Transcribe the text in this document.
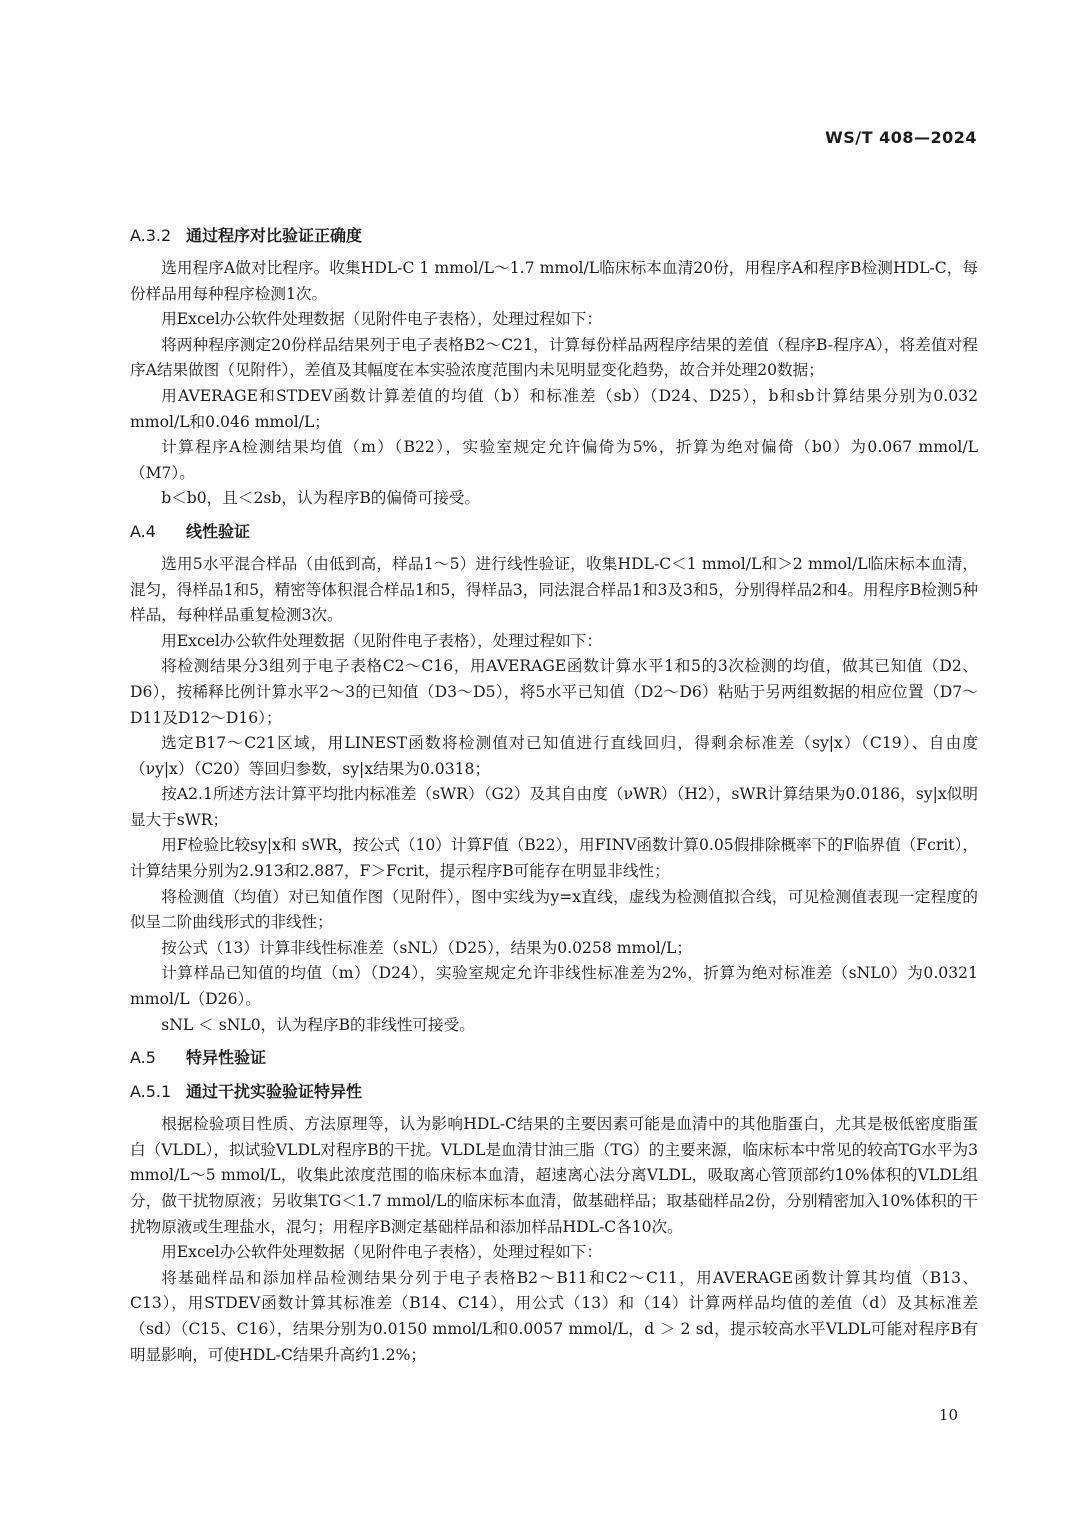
WS/T 408—2024
A.3.2 通过程序对比验证正确度

选用程序A做对比程序。收集HDL-C 1 mmol/L～1.7 mmol/L临床标本血清20份，用程序A和程序B检测HDL-C，每份样品用每种程序检测1次。

用Excel办公软件处理数据（见附件电子表格），处理过程如下：

将两种程序测定20份样品结果列于电子表格B2～C21，计算每份样品两程序结果的差值（程序B-程序A），将差值对程序A结果做图（见附件），差值及其幅度在本实验浓度范围内未见明显变化趋势，故合并处理20数据；

用AVERAGE和STDEV函数计算差值的均值（b）和标准差（sb）（D24、D25），b和sb计算结果分别为0.032 mmol/L和0.046 mmol/L；

计算程序A检测结果均值（m）（B22），实验室规定允许偏倚为5%，折算为绝对偏倚（b0）为0.067 mmol/L（M7）。

b＜b0，且＜2sb，认为程序B的偏倚可接受。

A.4 线性验证

选用5水平混合样品（由低到高，样品1～5）进行线性验证，收集HDL-C＜1 mmol/L和＞2 mmol/L临床标本血清，混匀，得样品1和5，精密等体积混合样品1和5，得样品3，同法混合样品1和3及3和5，分别得样品2和4。用程序B检测5种样品，每种样品重复检测3次。

用Excel办公软件处理数据（见附件电子表格），处理过程如下：

将检测结果分3组列于电子表格C2～C16，用AVERAGE函数计算水平1和5的3次检测的均值，做其已知值（D2、D6），按稀释比例计算水平2～3的已知值（D3～D5），将5水平已知值（D2～D6）粘贴于另两组数据的相应位置（D7～D11及D12～D16）；

选定B17～C21区域，用LINEST函数将检测值对已知值进行直线回归，得剩余标准差（sy|x）（C19）、自由度（νy|x）（C20）等回归参数，sy|x结果为0.0318；

按A2.1所述方法计算平均批内标准差（sWR）（G2）及其自由度（νWR）（H2），sWR计算结果为0.0186，sy|x似明显大于sWR；

用F检验比较sy|x和 sWR，按公式（10）计算F值（B22），用FINV函数计算0.05假排除概率下的F临界值（Fcrit），计算结果分别为2.913和2.887，F＞Fcrit，提示程序B可能存在明显非线性；

将检测值（均值）对已知值作图（见附件），图中实线为y=x直线，虚线为检测值拟合线，可见检测值表现一定程度的似呈二阶曲线形式的非线性；

按公式（13）计算非线性标准差（sNL）（D25），结果为0.0258 mmol/L；

计算样品已知值的均值（m）（D24），实验室规定允许非线性标准差为2%，折算为绝对标准差（sNL0）为0.0321 mmol/L（D26）。

sNL ＜ sNL0，认为程序B的非线性可接受。

A.5 特异性验证
A.5.1 通过干扰实验验证特异性

根据检验项目性质、方法原理等，认为影响HDL-C结果的主要因素可能是血清中的其他脂蛋白，尤其是极低密度脂蛋白（VLDL），拟试验VLDL对程序B的干扰。VLDL是血清甘油三脂（TG）的主要来源，临床标本中常见的较高TG水平为3 mmol/L～5 mmol/L，收集此浓度范围的临床标本血清，超速离心法分离VLDL，吸取离心管顶部约10%体积的VLDL组分，做干扰物原液；另收集TG＜1.7 mmol/L的临床标本血清，做基础样品；取基础样品2份，分别精密加入10%体积的干扰物原液或生理盐水，混匀；用程序B测定基础样品和添加样品HDL-C各10次。

用Excel办公软件处理数据（见附件电子表格），处理过程如下：

将基础样品和添加样品检测结果分列于电子表格B2～B11和C2～C11，用AVERAGE函数计算其均值（B13、C13），用STDEV函数计算其标准差（B14、C14），用公式（13）和（14）计算两样品均值的差值（d）及其标准差（sd）（C15、C16），结果分别为0.0150 mmol/L和0.0057 mmol/L，d ＞ 2 sd，提示较高水平VLDL可能对程序B有明显影响，可使HDL-C结果升高约1.2%；

10
